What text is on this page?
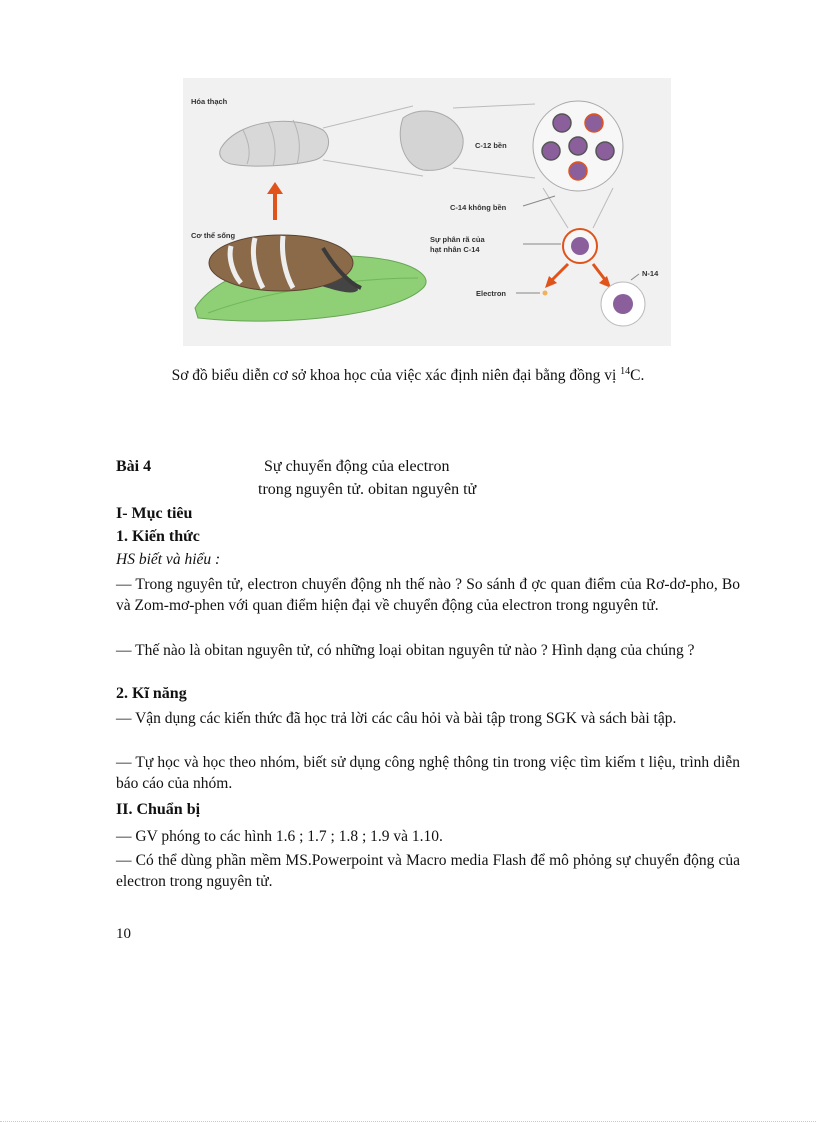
Hóa thạch
Cơ thể sống
C-12 bền
C-14 không bền
Sự phân rã của
hạt nhân C-14
Electron
N-14
Sơ đồ biểu diễn cơ sở khoa học của việc xác định niên đại bằng đồng vị $^{14}$C.
Bài 4	Sự chuyển động của electron
trong nguyên tử. obitan nguyên tử
I- Mục tiêu
1. Kiến thức
HS biết và hiểu :
— Trong nguyên tử, electron chuyển động nh thế nào ? So sánh đ ợc quan điểm của Rơ-dơ-pho, Bo và Zom-mơ-phen với quan điểm hiện đại về chuyển động của electron trong nguyên tử.
— Thế nào là obitan nguyên tử, có những loại obitan nguyên tử nào ? Hình dạng của chúng ?
2. Kĩ năng
— Vận dụng các kiến thức đã học trả lời các câu hỏi và bài tập trong SGK và sách bài tập.
— Tự học và học theo nhóm, biết sử dụng công nghệ thông tin trong việc tìm kiếm t liệu, trình diễn báo cáo của nhóm.
II. Chuẩn bị
— GV phóng to các hình 1.6 ; 1.7 ; 1.8 ; 1.9 và 1.10.
— Có thể dùng phần mềm MS.Powerpoint và Macro media Flash để mô phỏng sự chuyển động của electron trong nguyên tử.
10
